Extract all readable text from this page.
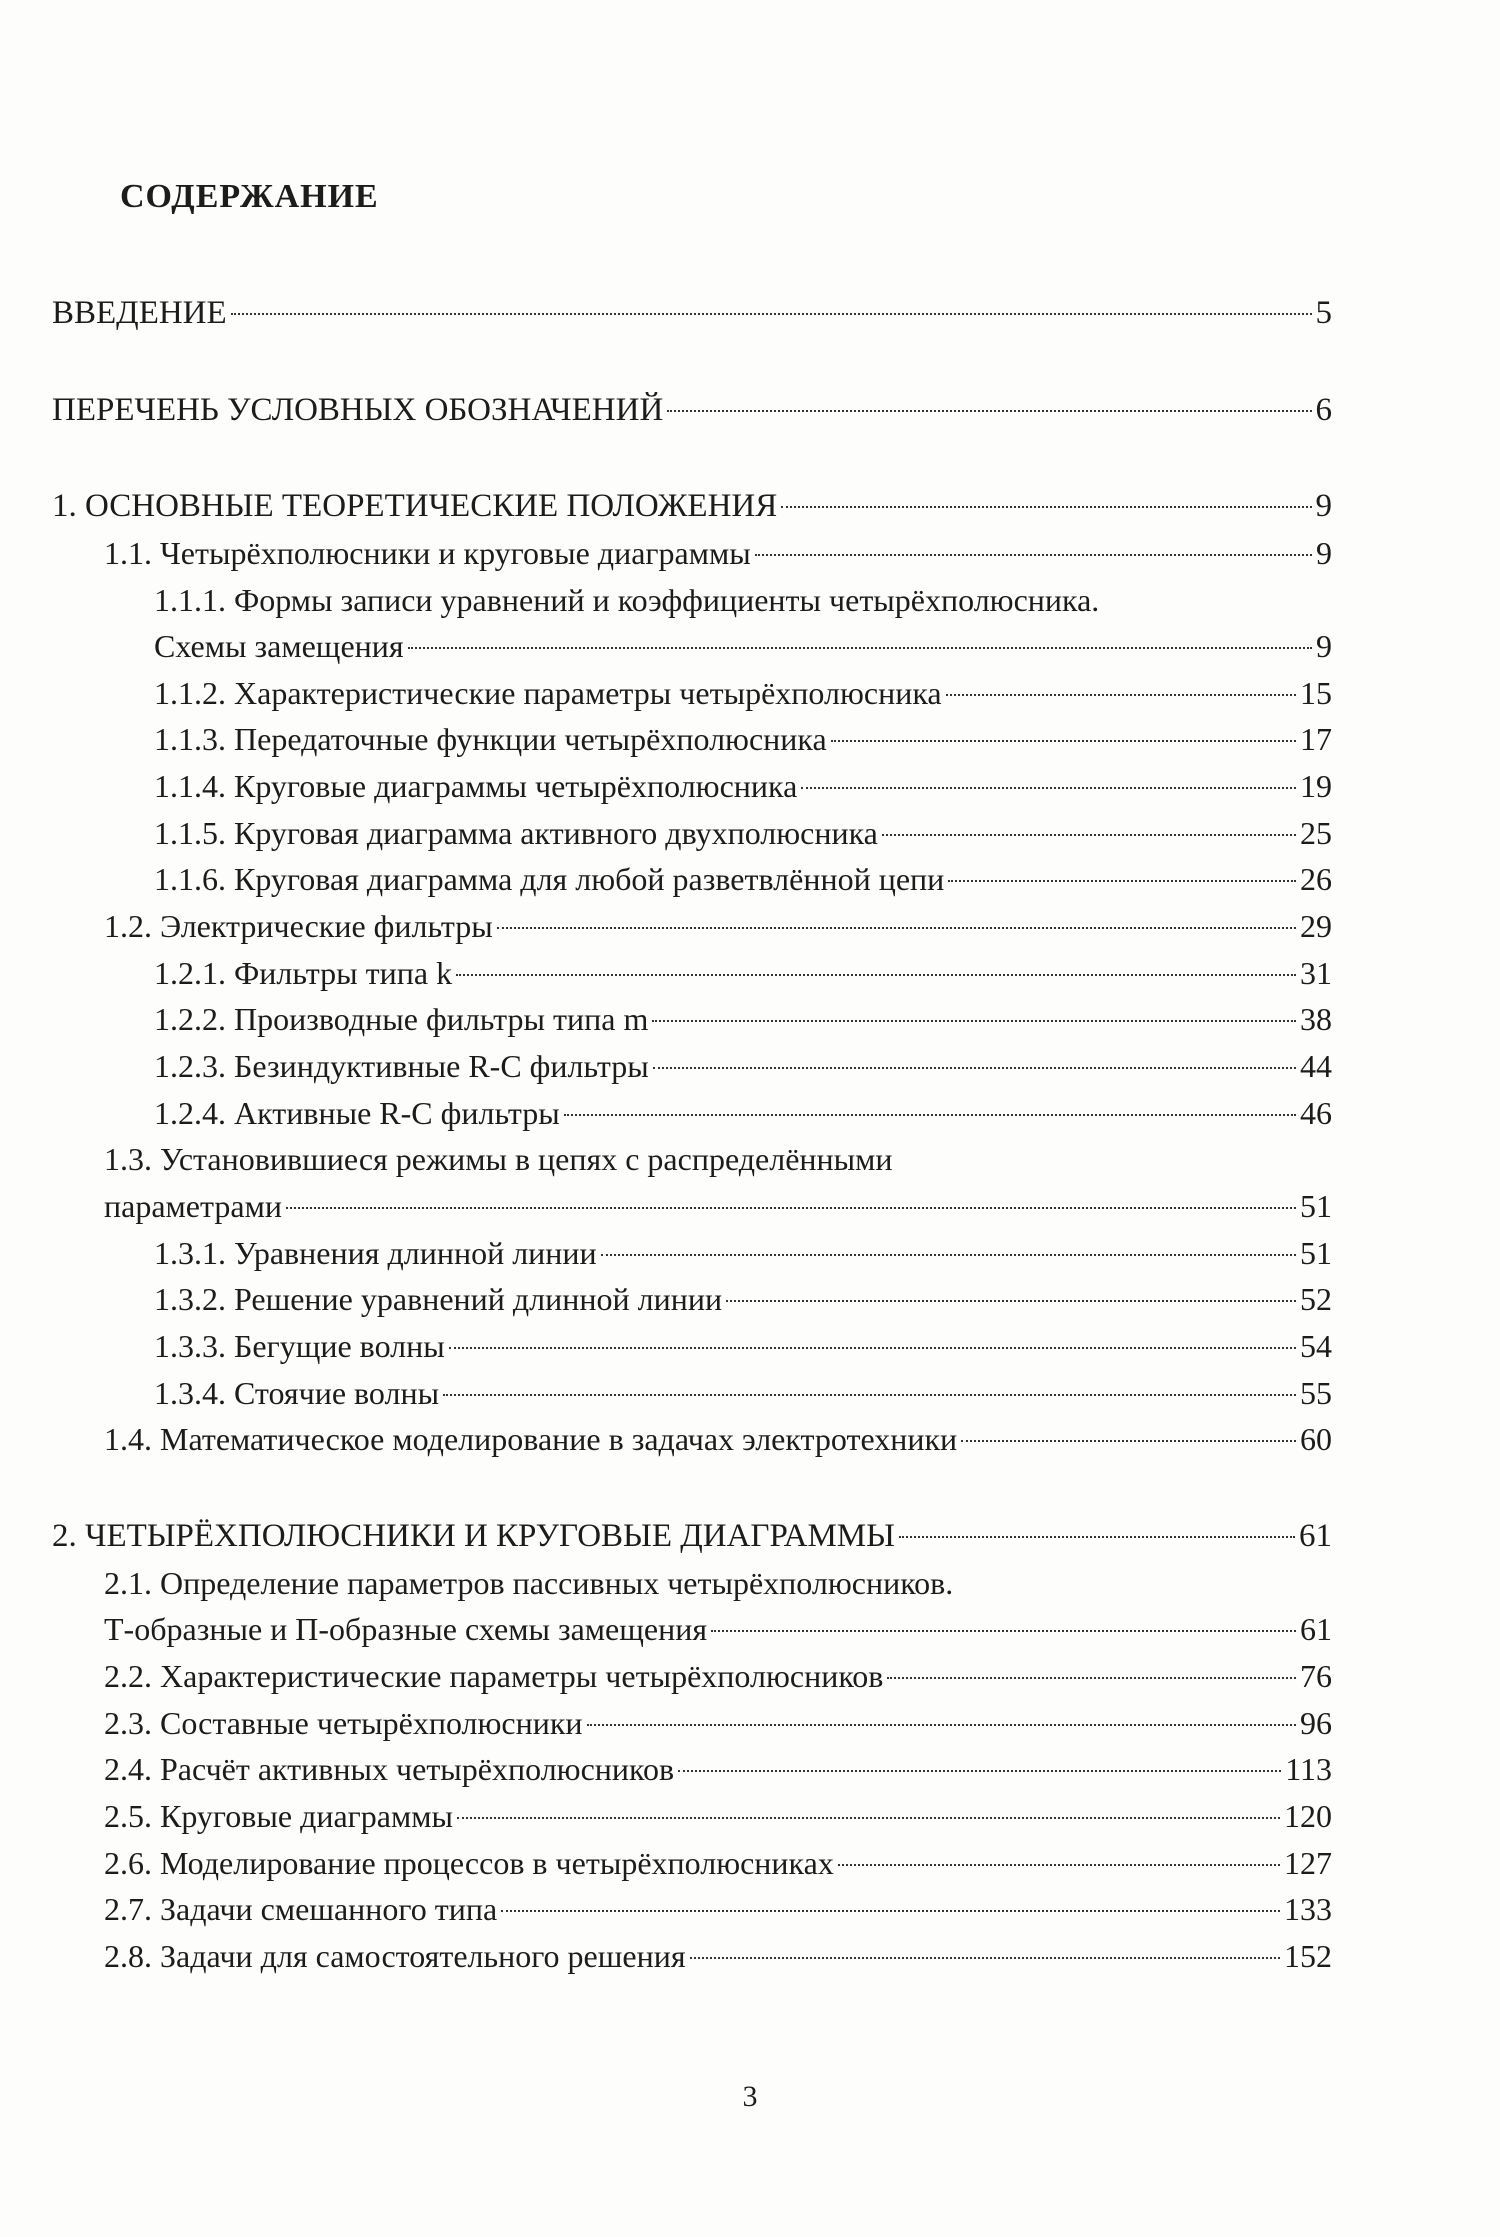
СОДЕРЖАНИЕ
ВВЕДЕНИЕ	5
ПЕРЕЧЕНЬ УСЛОВНЫХ ОБОЗНАЧЕНИЙ	6
1. ОСНОВНЫЕ ТЕОРЕТИЧЕСКИЕ ПОЛОЖЕНИЯ	9
1.1. Четырёхполюсники и круговые диаграммы	9
1.1.1. Формы записи уравнений и коэффициенты четырёхполюсника.
Схемы замещения	9
1.1.2. Характеристические параметры четырёхполюсника	15
1.1.3. Передаточные функции четырёхполюсника	17
1.1.4. Круговые диаграммы четырёхполюсника	19
1.1.5. Круговая диаграмма активного двухполюсника	25
1.1.6. Круговая диаграмма для любой разветвлённой цепи	26
1.2. Электрические фильтры	29
1.2.1. Фильтры типа k	31
1.2.2. Производные фильтры типа m	38
1.2.3. Безиндуктивные R-C фильтры	44
1.2.4. Активные R-C фильтры	46
1.3. Установившиеся режимы в цепях с распределёнными
параметрами	51
1.3.1. Уравнения длинной линии	51
1.3.2. Решение уравнений длинной линии	52
1.3.3. Бегущие волны	54
1.3.4. Стоячие волны	55
1.4. Математическое моделирование в задачах электротехники	60
2. ЧЕТЫРЁХПОЛЮСНИКИ И КРУГОВЫЕ ДИАГРАММЫ	61
2.1. Определение параметров пассивных четырёхполюсников.
Т-образные и П-образные схемы замещения	61
2.2. Характеристические параметры четырёхполюсников	76
2.3. Составные четырёхполюсники	96
2.4. Расчёт активных четырёхполюсников	113
2.5. Круговые диаграммы	120
2.6. Моделирование процессов в четырёхполюсниках	127
2.7. Задачи смешанного типа	133
2.8. Задачи для самостоятельного решения	152
3
